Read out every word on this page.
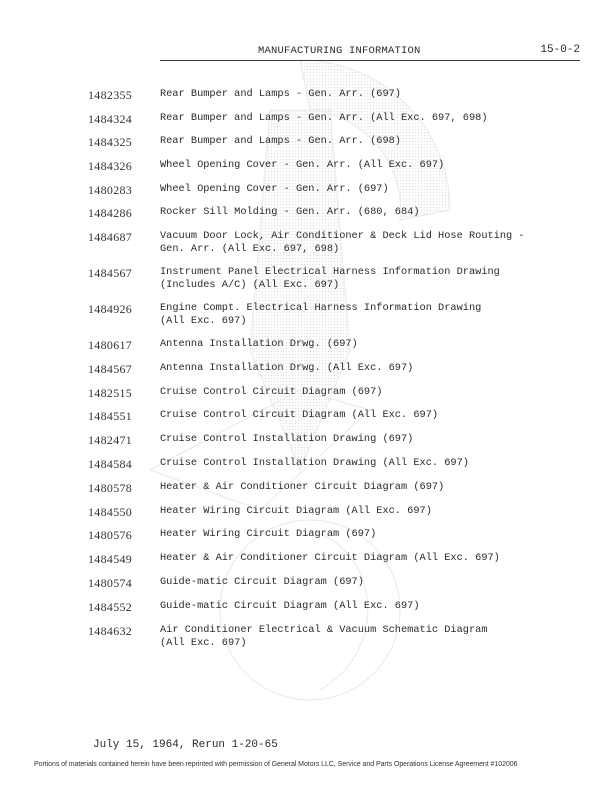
MANUFACTURING INFORMATION	15-0-2
1482355	Rear Bumper and Lamps - Gen. Arr. (697)
1484324	Rear Bumper and Lamps - Gen. Arr. (All Exc. 697, 698)
1484325	Rear Bumper and Lamps - Gen. Arr. (698)
1484326	Wheel Opening Cover - Gen. Arr. (All Exc. 697)
1480283	Wheel Opening Cover - Gen. Arr. (697)
1484286	Rocker Sill Molding - Gen. Arr. (680, 684)
1484687	Vacuum Door Lock, Air Conditioner & Deck Lid Hose Routing -
Gen. Arr. (All Exc. 697, 698)
1484567	Instrument Panel Electrical Harness Information Drawing
(Includes A/C) (All Exc. 697)
1484926	Engine Compt. Electrical Harness Information Drawing
(All Exc. 697)
1480617	Antenna Installation Drwg. (697)
1484567	Antenna Installation Drwg. (All Exc. 697)
1482515	Cruise Control Circuit Diagram (697)
1484551	Cruise Control Circuit Diagram (All Exc. 697)
1482471	Cruise Control Installation Drawing (697)
1484584	Cruise Control Installation Drawing (All Exc. 697)
1480578	Heater & Air Conditioner Circuit Diagram (697)
1484550	Heater Wiring Circuit Diagram (All Exc. 697)
1480576	Heater Wiring Circuit Diagram (697)
1484549	Heater & Air Conditioner Circuit Diagram (All Exc. 697)
1480574	Guide-matic Circuit Diagram (697)
1484552	Guide-matic Circuit Diagram (All Exc. 697)
1484632	Air Conditioner Electrical & Vacuum Schematic Diagram
(All Exc. 697)
July 15, 1964, Rerun 1-20-65
Portions of materials contained herein have been reprinted with permission of General Motors LLC, Service and Parts Operations License Agreement #102006
